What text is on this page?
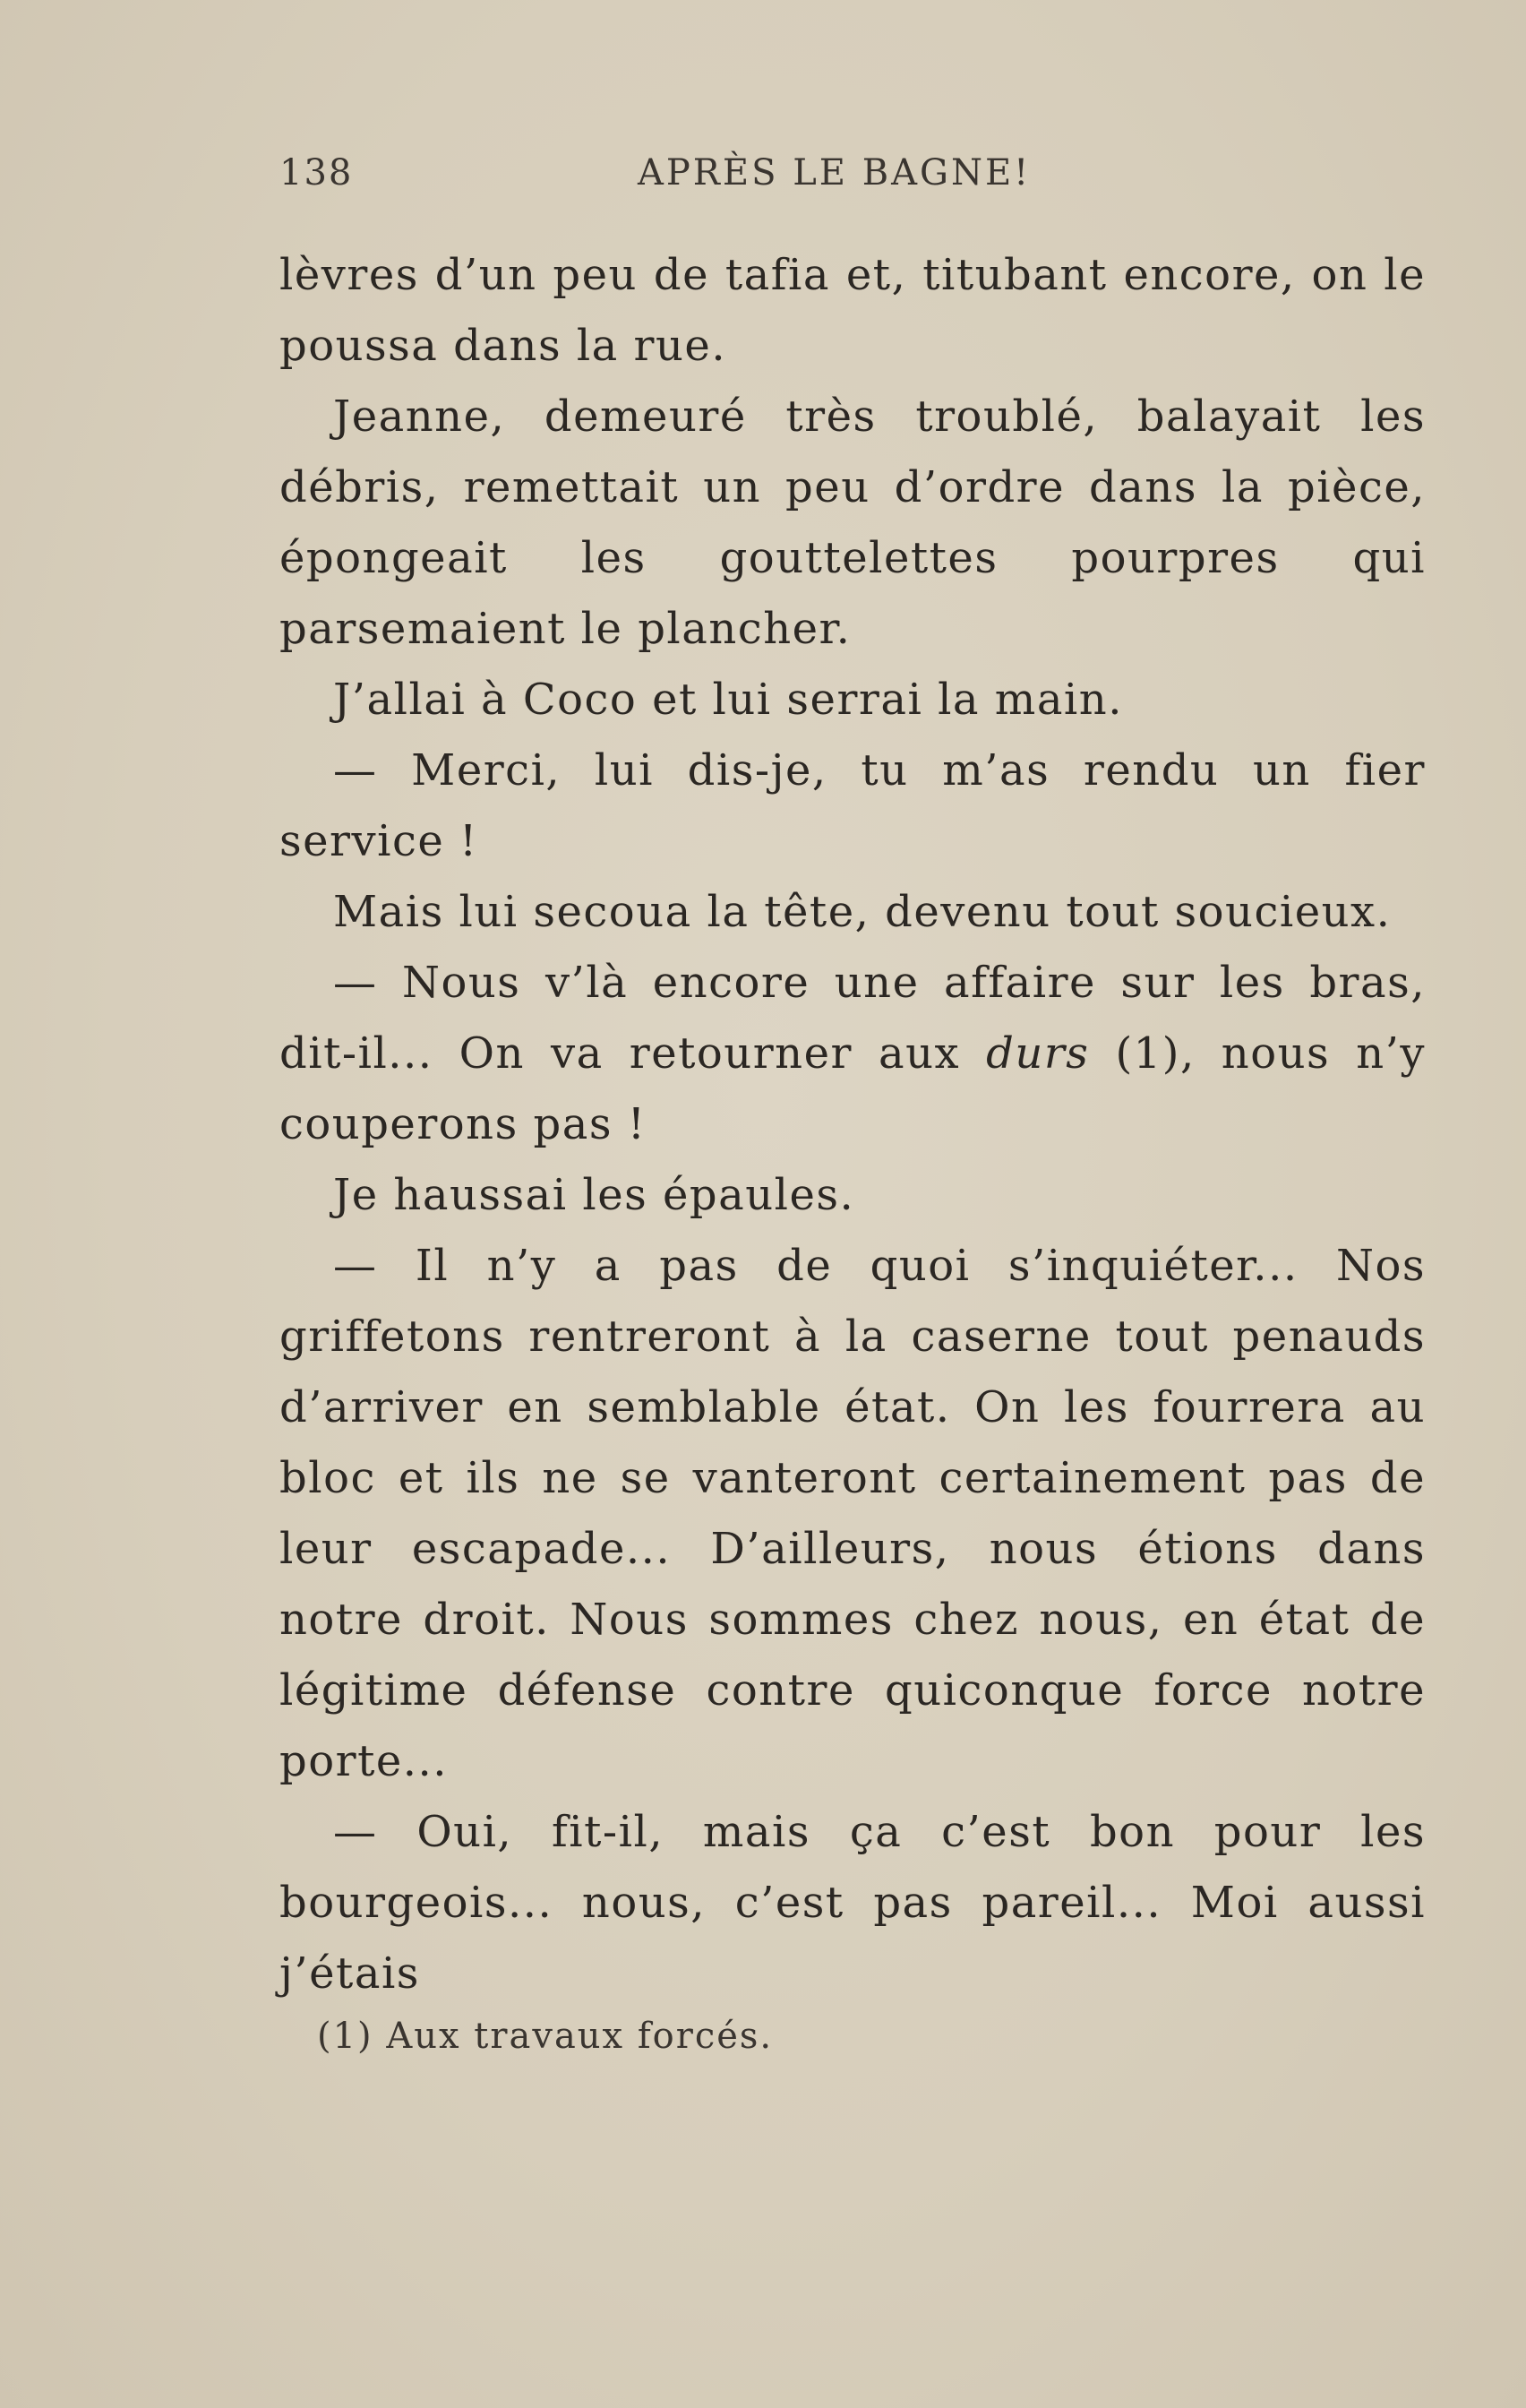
138	APRÈS LE BAGNE!

lèvres d’un peu de tafia et, titubant encore, on le poussa dans la rue.

Jeanne, demeuré très troublé, balayait les débris, remettait un peu d’ordre dans la pièce, épongeait les gouttelettes pourpres qui parsemaient le plancher.

J’allai à Coco et lui serrai la main.

— Merci, lui dis-je, tu m’as rendu un fier service !

Mais lui secoua la tête, devenu tout soucieux.

— Nous v’là encore une affaire sur les bras, dit-il... On va retourner aux durs (1), nous n’y couperons pas !

Je haussai les épaules.

— Il n’y a pas de quoi s’inquiéter... Nos griffetons rentreront à la caserne tout penauds d’arriver en semblable état. On les fourrera au bloc et ils ne se vanteront certainement pas de leur escapade... D’ailleurs, nous étions dans notre droit. Nous sommes chez nous, en état de légitime défense contre quiconque force notre porte...

— Oui, fit-il, mais ça c’est bon pour les bourgeois... nous, c’est pas pareil... Moi aussi j’étais

(1) Aux travaux forcés.
